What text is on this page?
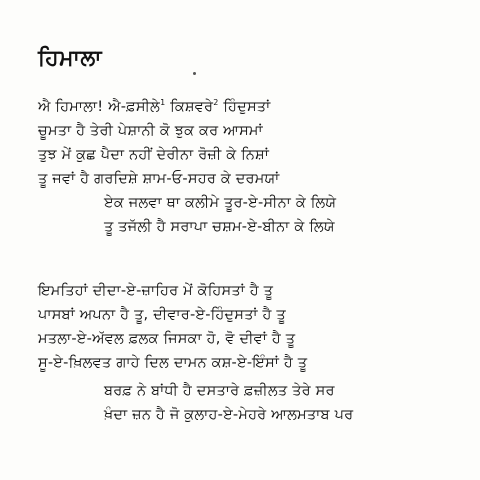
ਹਿਮਾਲਾ
ਐ ਹਿਮਾਲਾ! ਐ-ਫ਼ਸੀਲੇ$^1$ ਕਿਸ਼ਵਰੇ$^2$ ਹਿੰਦੁਸਤਾਂ
ਚੂਮਤਾ ਹੈ ਤੇਰੀ ਪੇਸ਼ਾਨੀ ਕੋ ਝੁਕ ਕਰ ਆਸਮਾਂ
ਤੁਝ ਮੇਂ ਕੁਛ ਪੈਦਾ ਨਹੀਂ ਦੇਰੀਨਾ ਰੋਜ਼ੀ ਕੇ ਨਿਸ਼ਾਂ
ਤੂ ਜਵਾਂ ਹੈ ਗਰਦਿਸ਼ੇ ਸ਼ਾਮ-ਓ-ਸਹਰ ਕੇ ਦਰਮਯਾਂ
ਏਕ ਜਲਵਾ ਥਾ ਕਲੀਮੇ ਤੂਰ-ਏ-ਸੀਨਾ ਕੇ ਲਿਯੇ
ਤੂ ਤਜੱਲੀ ਹੈ ਸਰਾਪਾ ਚਸ਼ਮ-ਏ-ਬੀਨਾ ਕੇ ਲਿਯੇ
ਇਮਤਿਹਾਂ ਦੀਦਾ-ਏ-ਜ਼ਾਹਿਰ ਮੇਂ ਕੋਹਿਸਤਾਂ ਹੈ ਤੂ
ਪਾਸਬਾਂ ਅਪਨਾ ਹੈ ਤੂ, ਦੀਵਾਰ-ਏ-ਹਿੰਦੁਸਤਾਂ ਹੈ ਤੂ
ਮਤਲਾ-ਏ-ਅੱਵਲ ਫ਼ਲਕ ਜਿਸਕਾ ਹੋ, ਵੋ ਦੀਵਾਂ ਹੈ ਤੂ
ਸੂ-ਏ-ਖ਼ਿਲਵਤ ਗਾਹੇ ਦਿਲ ਦਾਮਨ ਕਸ਼-ਏ-ਇੰਸਾਂ ਹੈ ਤੂ
ਬਰਫ਼ ਨੇ ਬਾਂਧੀ ਹੈ ਦਸਤਾਰੇ ਫ਼ਜ਼ੀਲਤ ਤੇਰੇ ਸਰ
ਖ਼ੰਦਾ ਜ਼ਨ ਹੈ ਜੋ ਕੁਲਾਹ-ਏ-ਮੇਹਰੇ ਆਲਮਤਾਬ ਪਰ
